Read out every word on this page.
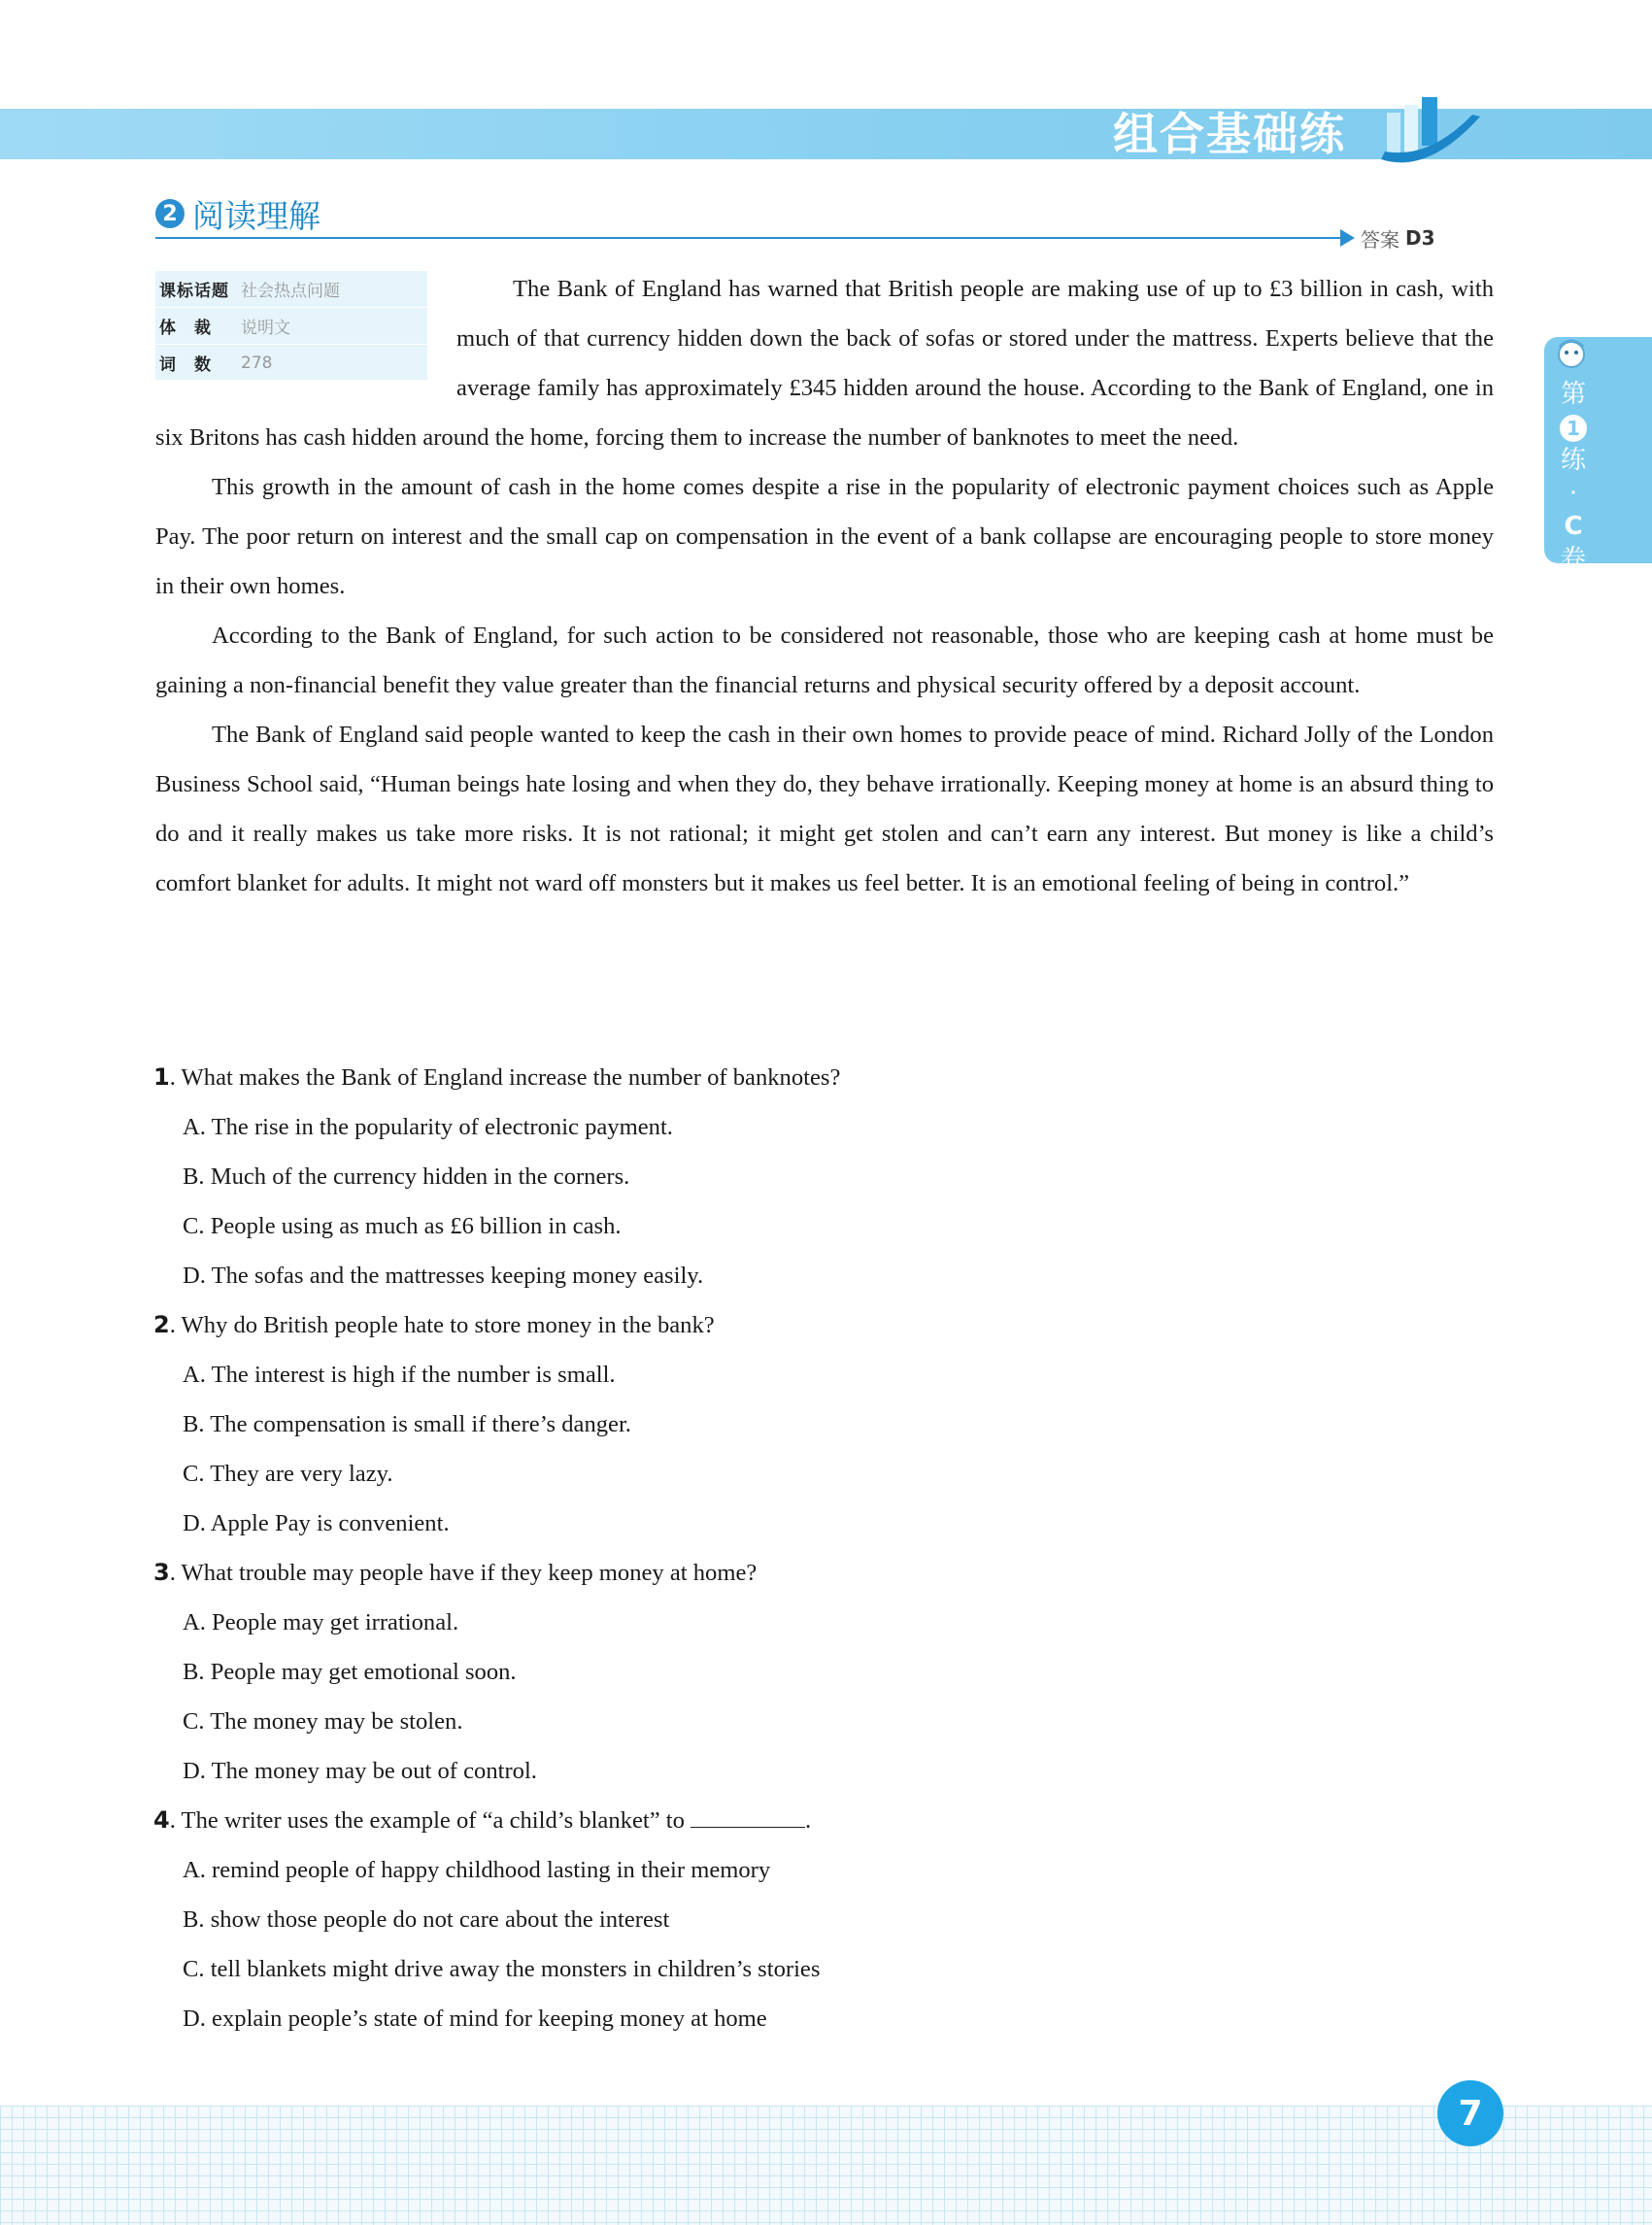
组合基础练
2 阅读理解
答案 D3
课标话题 社会热点问题
体　裁	说明文
词　数	278

The Bank of England has warned that British people are making use of up to £3 billion in cash, with much of that currency hidden down the back of sofas or stored under the mattress. Experts believe that the average family has approximately £345 hidden around the house. According to the Bank of England, one in six Britons has cash hidden around the home, forcing them to increase the number of banknotes to meet the need.

This growth in the amount of cash in the home comes despite a rise in the popularity of electronic payment choices such as Apple Pay. The poor return on interest and the small cap on compensation in the event of a bank collapse are encouraging people to store money in their own homes.

According to the Bank of England, for such action to be considered not reasonable, those who are keeping cash at home must be gaining a non-financial benefit they value greater than the financial returns and physical security offered by a deposit account.

The Bank of England said people wanted to keep the cash in their own homes to provide peace of mind. Richard Jolly of the London Business School said, “Human beings hate losing and when they do, they behave irrationally. Keeping money at home is an absurd thing to do and it really makes us take more risks. It is not rational; it might get stolen and can’t earn any interest. But money is like a child’s comfort blanket for adults. It might not ward off monsters but it makes us feel better. It is an emotional feeling of being in control.”

1. What makes the Bank of England increase the number of banknotes?

A. The rise in the popularity of electronic payment.

B. Much of the currency hidden in the corners.

C. People using as much as £6 billion in cash.

D. The sofas and the mattresses keeping money easily.

2. Why do British people hate to store money in the bank?

A. The interest is high if the number is small.

B. The compensation is small if there’s danger.

C. They are very lazy.

D. Apple Pay is convenient.

3. What trouble may people have if they keep money at home?

A. People may get irrational.

B. People may get emotional soon.

C. The money may be stolen.

D. The money may be out of control.

4. The writer uses the example of “a child’s blanket” to	.

A. remind people of happy childhood lasting in their memory

B. show those people do not care about the interest

C. tell blankets might drive away the monsters in children’s stories

D. explain people’s state of mind for keeping money at home

第
1
练
·
C
卷
7
